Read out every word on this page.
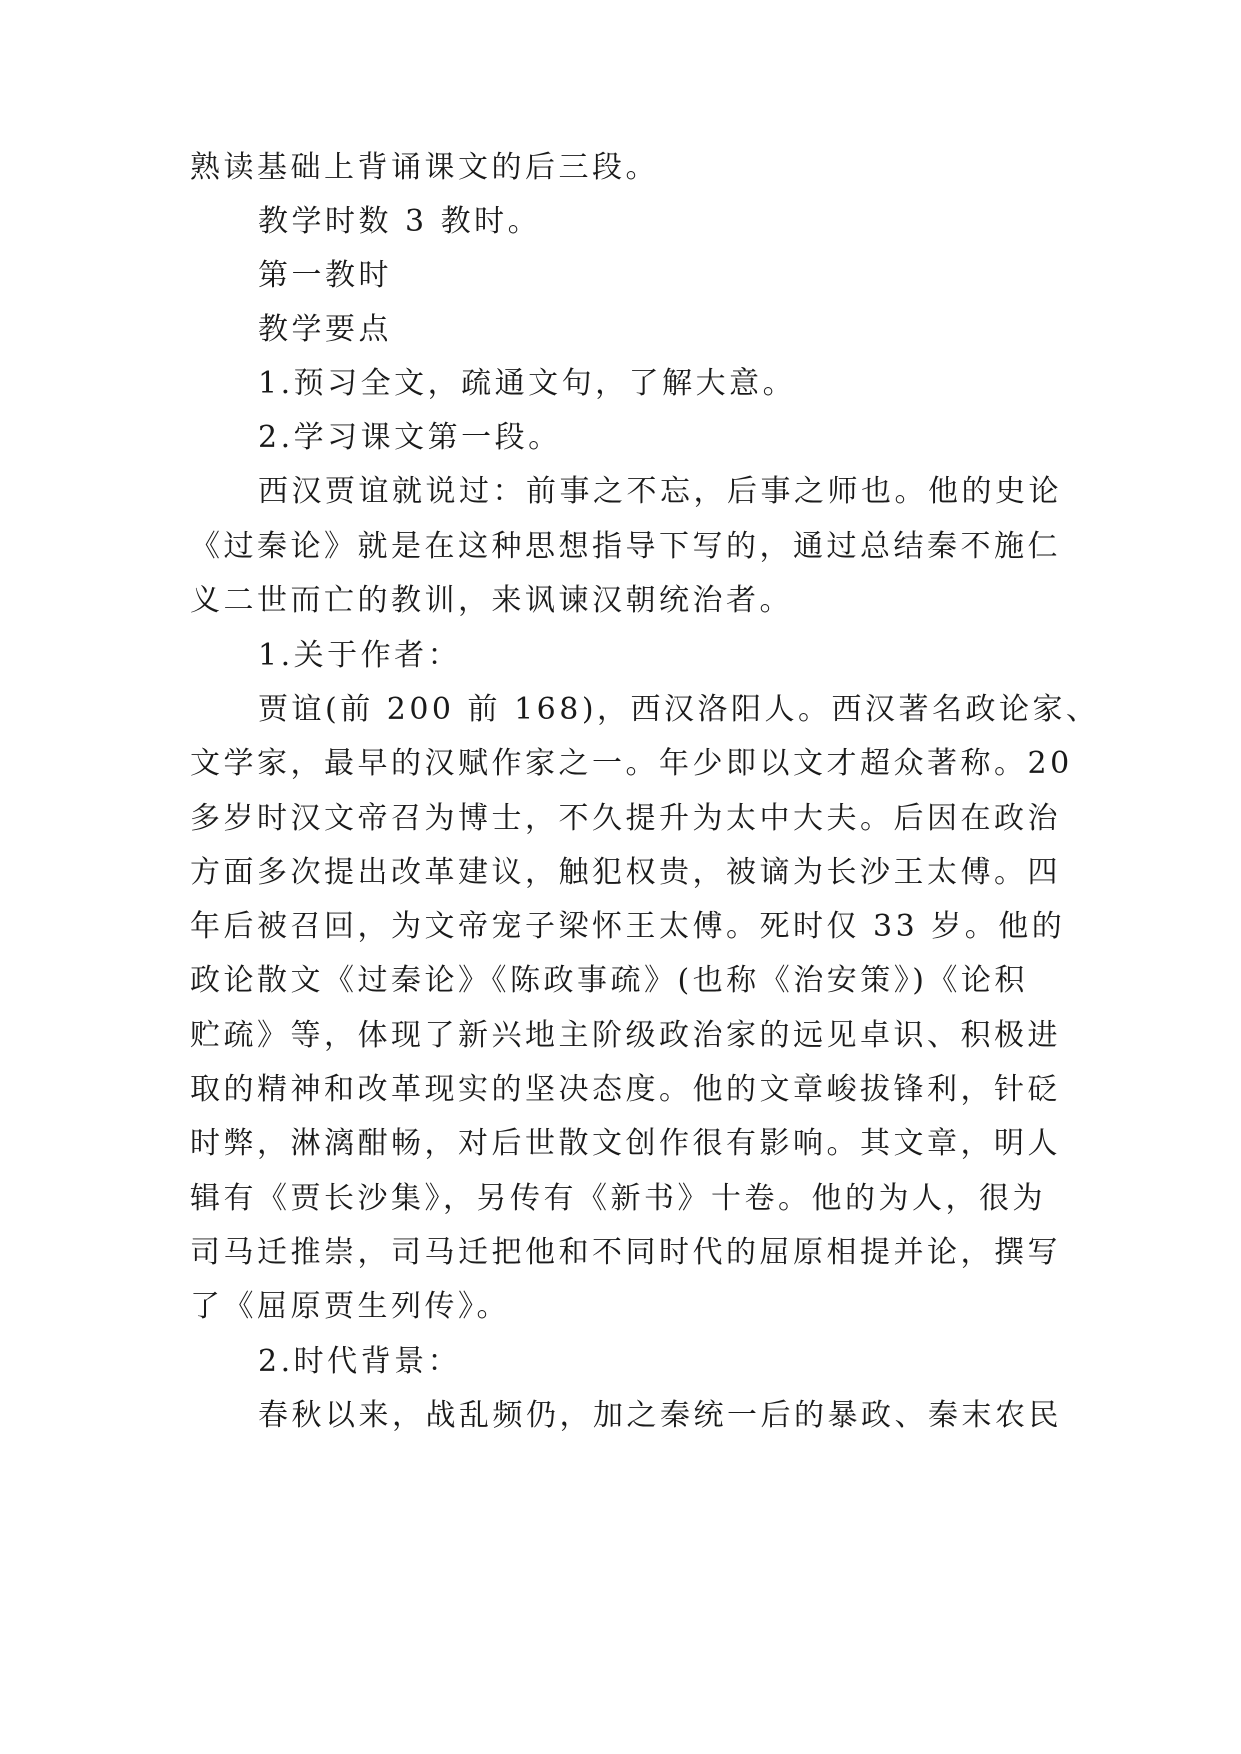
熟读基础上背诵课文的后三段。
教学时数 3 教时。
第一教时
教学要点
1.预习全文，疏通文句，了解大意。
2.学习课文第一段。
西汉贾谊就说过：前事之不忘，后事之师也。他的史论
《过秦论》就是在这种思想指导下写的，通过总结秦不施仁
义二世而亡的教训，来讽谏汉朝统治者。
1.关于作者：
贾谊(前 200 前 168)，西汉洛阳人。西汉著名政论家、
文学家，最早的汉赋作家之一。年少即以文才超众著称。20
多岁时汉文帝召为博士，不久提升为太中大夫。后因在政治
方面多次提出改革建议，触犯权贵，被谪为长沙王太傅。四
年后被召回，为文帝宠子梁怀王太傅。死时仅 33 岁。他的
政论散文《过秦论》《陈政事疏》(也称《治安策》)《论积
贮疏》等，体现了新兴地主阶级政治家的远见卓识、积极进
取的精神和改革现实的坚决态度。他的文章峻拔锋利，针砭
时弊，淋漓酣畅，对后世散文创作很有影响。其文章，明人
辑有《贾长沙集》，另传有《新书》十卷。他的为人，很为
司马迁推崇，司马迁把他和不同时代的屈原相提并论，撰写
了《屈原贾生列传》。
2.时代背景：
春秋以来，战乱频仍，加之秦统一后的暴政、秦末农民
